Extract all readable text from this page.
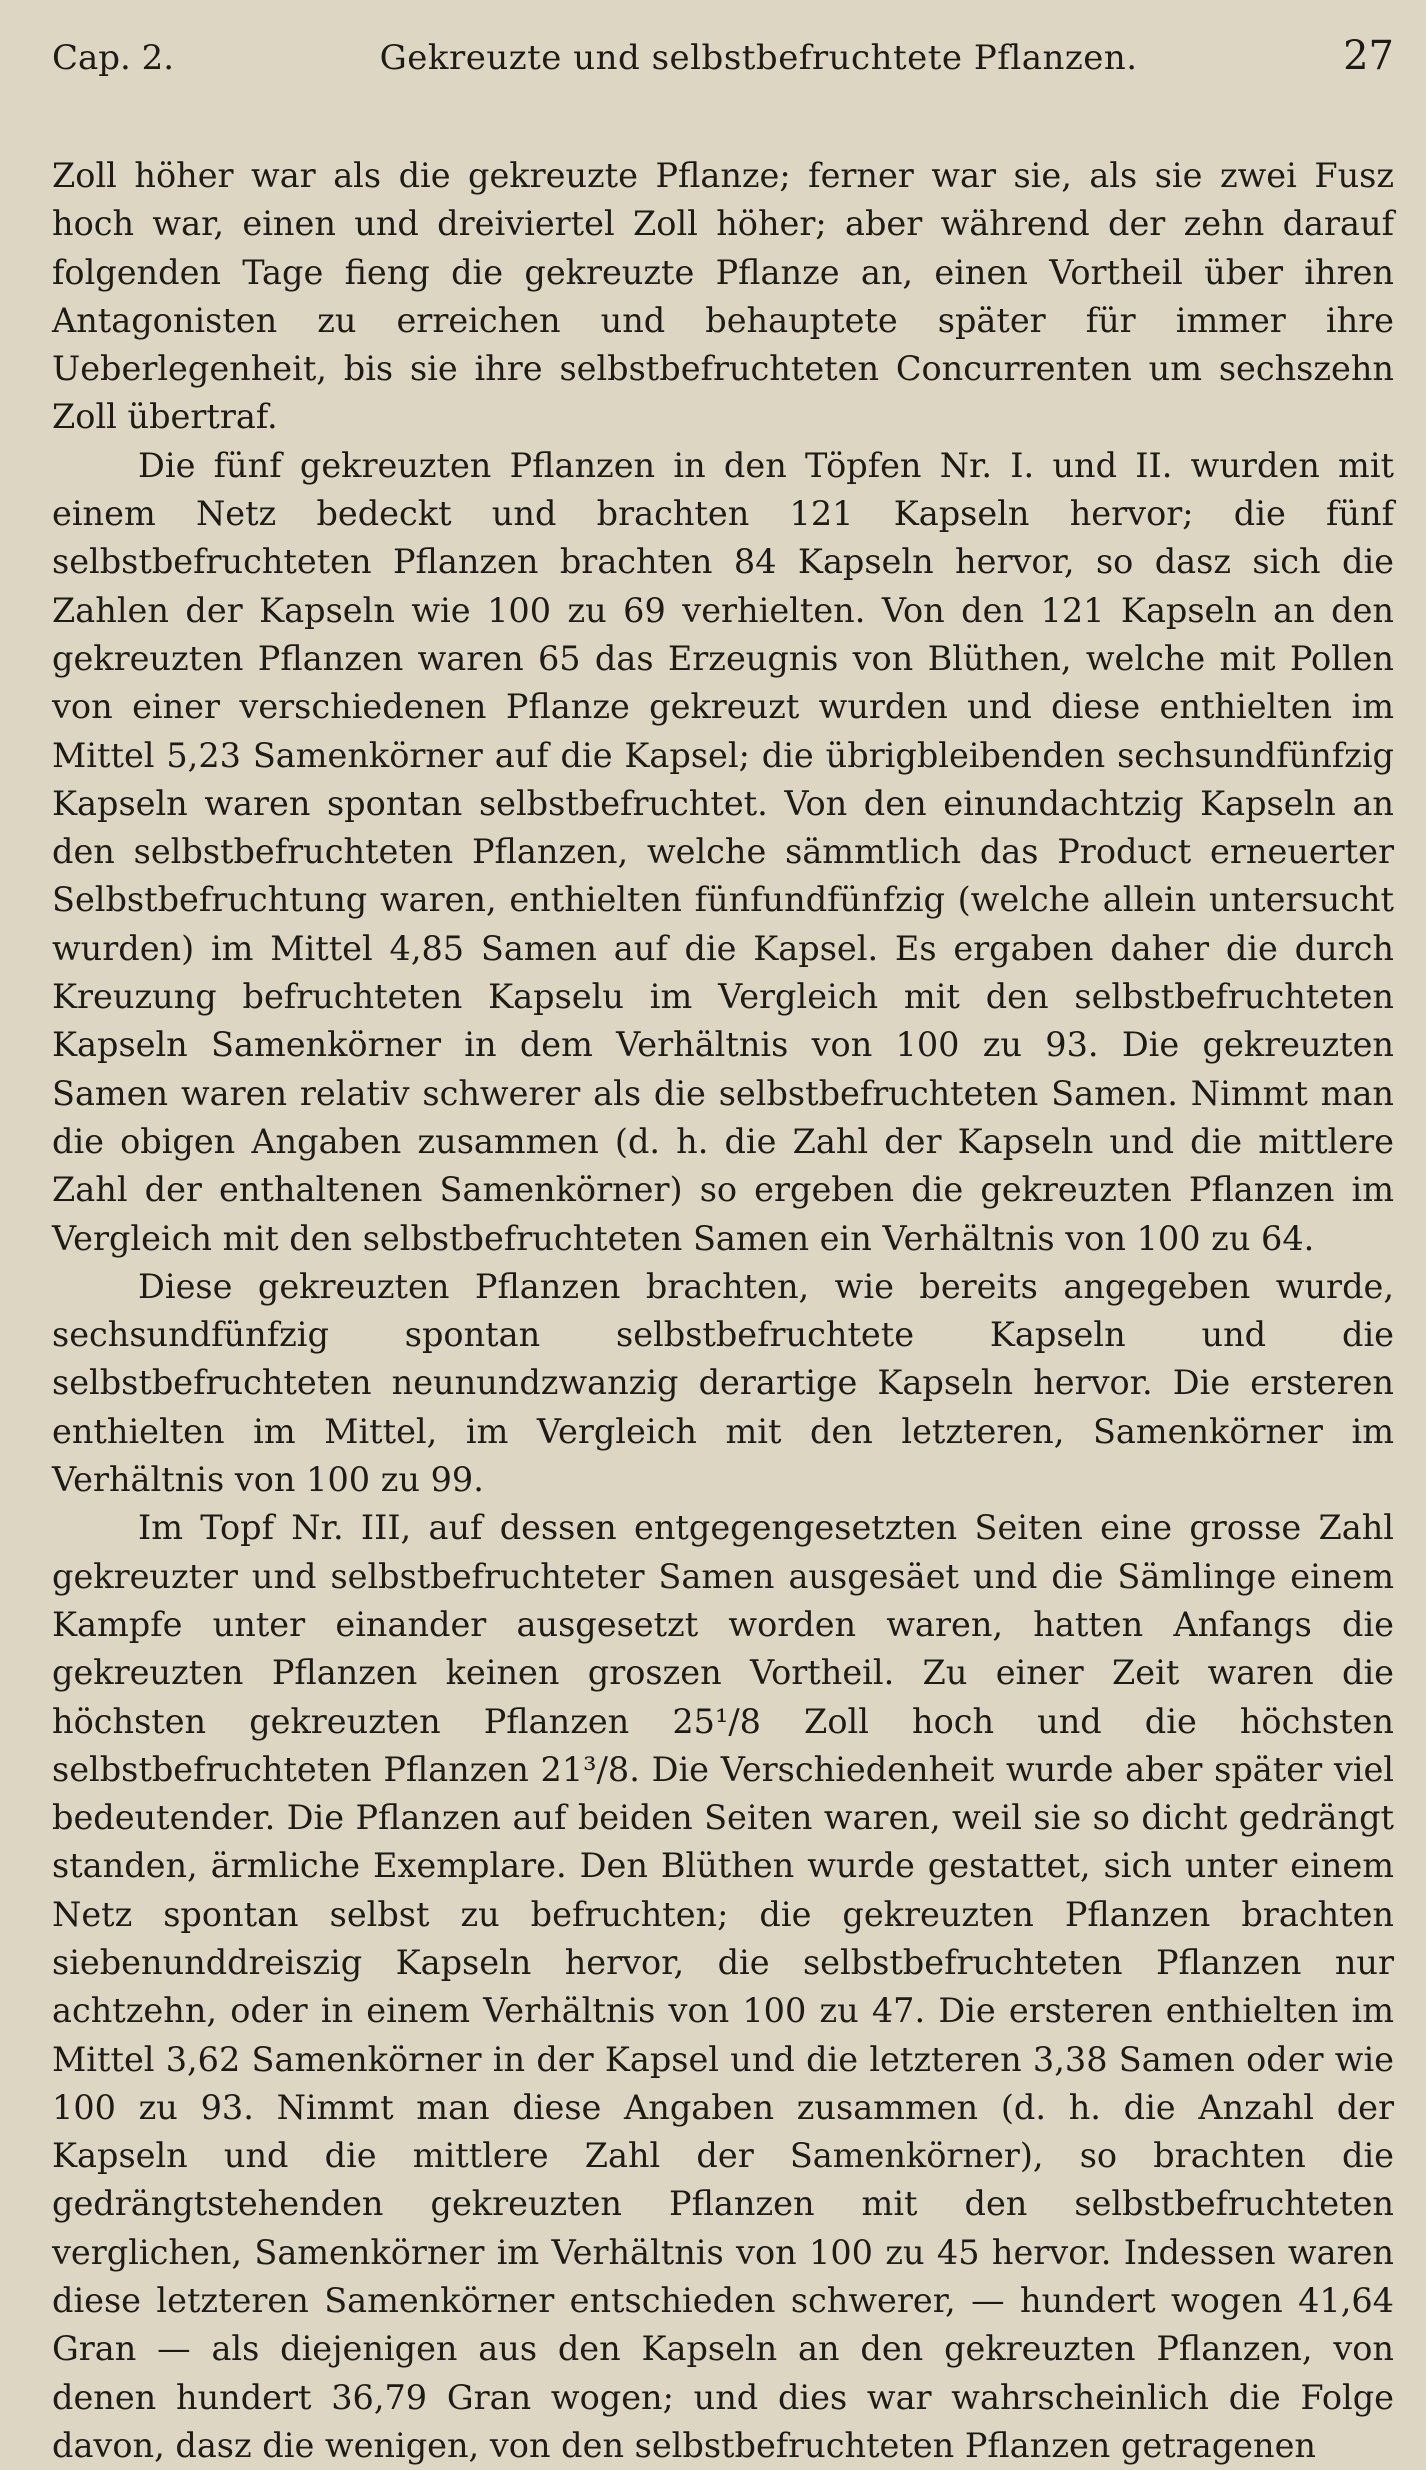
Cap. 2.	Gekreuzte und selbstbefruchtete Pflanzen.	27

Zoll höher war als die gekreuzte Pflanze; ferner war sie, als sie zwei Fusz hoch war, einen und dreiviertel Zoll höher; aber während der zehn darauf folgenden Tage fieng die gekreuzte Pflanze an, einen Vortheil über ihren Antagonisten zu erreichen und behauptete später für immer ihre Ueberlegenheit, bis sie ihre selbstbefruchteten Concurrenten um sechszehn Zoll übertraf.

Die fünf gekreuzten Pflanzen in den Töpfen Nr. I. und II. wurden mit einem Netz bedeckt und brachten 121 Kapseln hervor; die fünf selbstbefruchteten Pflanzen brachten 84 Kapseln hervor, so dasz sich die Zahlen der Kapseln wie 100 zu 69 verhielten. Von den 121 Kapseln an den gekreuzten Pflanzen waren 65 das Erzeugnis von Blüthen, welche mit Pollen von einer verschiedenen Pflanze gekreuzt wurden und diese enthielten im Mittel 5,23 Samenkörner auf die Kapsel; die übrigbleibenden sechsundfünfzig Kapseln waren spontan selbstbefruchtet. Von den einundachtzig Kapseln an den selbstbefruchteten Pflanzen, welche sämmtlich das Product erneuerter Selbstbefruchtung waren, enthielten fünfundfünfzig (welche allein untersucht wurden) im Mittel 4,85 Samen auf die Kapsel. Es ergaben daher die durch Kreuzung befruchteten Kapselu im Vergleich mit den selbstbefruchteten Kapseln Samenkörner in dem Verhältnis von 100 zu 93. Die gekreuzten Samen waren relativ schwerer als die selbstbefruchteten Samen. Nimmt man die obigen Angaben zusammen (d. h. die Zahl der Kapseln und die mittlere Zahl der enthaltenen Samenkörner) so ergeben die gekreuzten Pflanzen im Vergleich mit den selbstbefruchteten Samen ein Verhältnis von 100 zu 64.

Diese gekreuzten Pflanzen brachten, wie bereits angegeben wurde, sechsundfünfzig spontan selbstbefruchtete Kapseln und die selbstbefruchteten neunundzwanzig derartige Kapseln hervor. Die ersteren enthielten im Mittel, im Vergleich mit den letzteren, Samenkörner im Verhältnis von 100 zu 99.

Im Topf Nr. III, auf dessen entgegengesetzten Seiten eine grosse Zahl gekreuzter und selbstbefruchteter Samen ausgesäet und die Sämlinge einem Kampfe unter einander ausgesetzt worden waren, hatten Anfangs die gekreuzten Pflanzen keinen groszen Vortheil. Zu einer Zeit waren die höchsten gekreuzten Pflanzen 25¹/8 Zoll hoch und die höchsten selbstbefruchteten Pflanzen 21³/8. Die Verschiedenheit wurde aber später viel bedeutender. Die Pflanzen auf beiden Seiten waren, weil sie so dicht gedrängt standen, ärmliche Exemplare. Den Blüthen wurde gestattet, sich unter einem Netz spontan selbst zu befruchten; die gekreuzten Pflanzen brachten siebenunddreiszig Kapseln hervor, die selbstbefruchteten Pflanzen nur achtzehn, oder in einem Verhältnis von 100 zu 47. Die ersteren enthielten im Mittel 3,62 Samenkörner in der Kapsel und die letzteren 3,38 Samen oder wie 100 zu 93. Nimmt man diese Angaben zusammen (d. h. die Anzahl der Kapseln und die mittlere Zahl der Samenkörner), so brachten die gedrängtstehenden gekreuzten Pflanzen mit den selbstbefruchteten verglichen, Samenkörner im Verhältnis von 100 zu 45 hervor. Indessen waren diese letzteren Samenkörner entschieden schwerer, — hundert wogen 41,64 Gran — als diejenigen aus den Kapseln an den gekreuzten Pflanzen, von denen hundert 36,79 Gran wogen; und dies war wahrscheinlich die Folge davon, dasz die wenigen, von den selbstbefruchteten Pflanzen getragenen
